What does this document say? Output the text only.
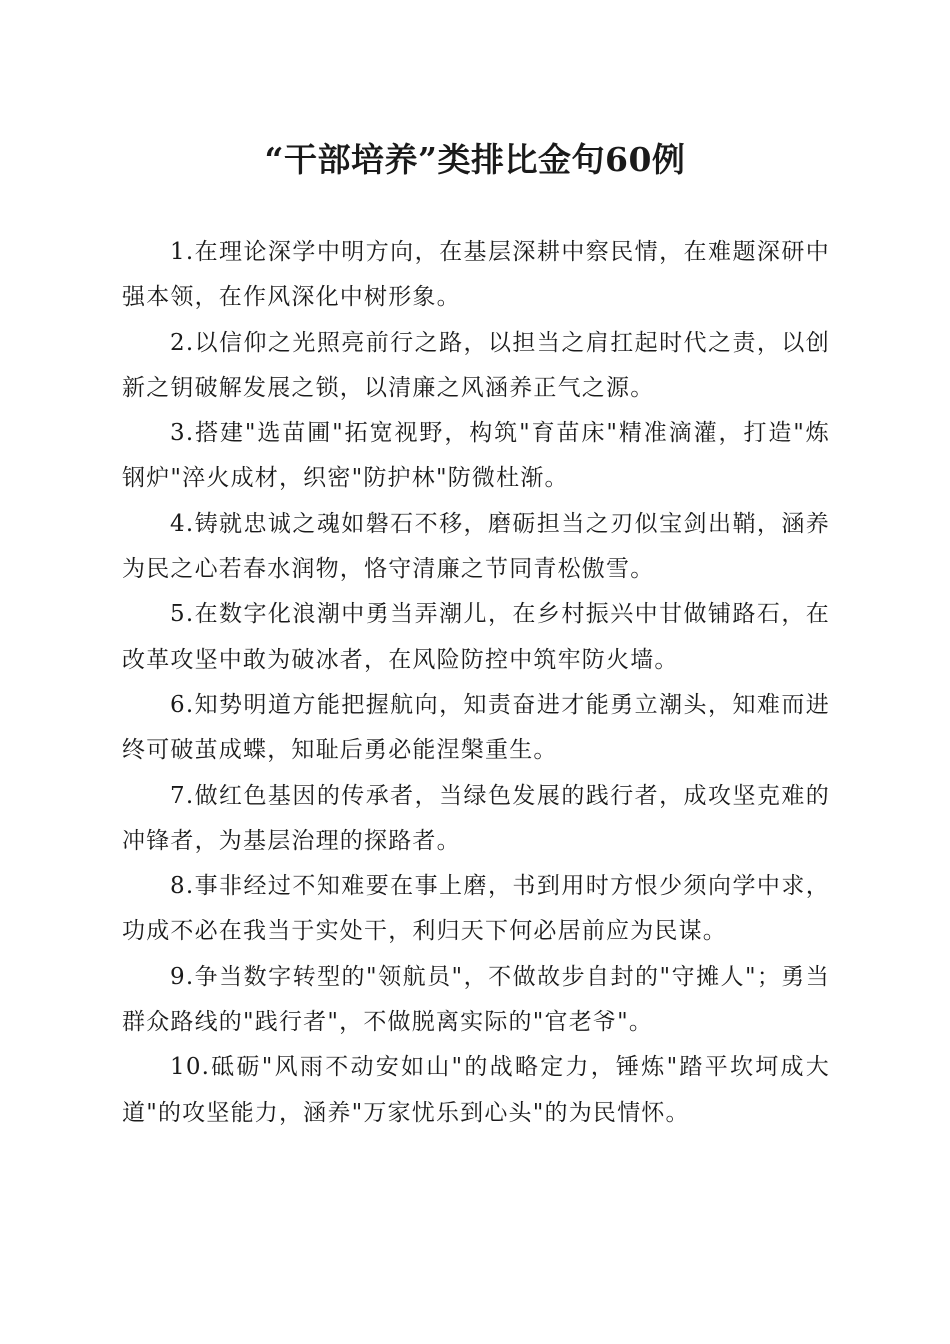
“干部培养”类排比金句60例

1.在理论深学中明方向，在基层深耕中察民情，在难题深研中强本领，在作风深化中树形象。

2.以信仰之光照亮前行之路，以担当之肩扛起时代之责，以创新之钥破解发展之锁，以清廉之风涵养正气之源。

3.搭建"选苗圃"拓宽视野，构筑"育苗床"精准滴灌，打造"炼钢炉"淬火成材，织密"防护林"防微杜渐。

4.铸就忠诚之魂如磐石不移，磨砺担当之刃似宝剑出鞘，涵养为民之心若春水润物，恪守清廉之节同青松傲雪。

5.在数字化浪潮中勇当弄潮儿，在乡村振兴中甘做铺路石，在改革攻坚中敢为破冰者，在风险防控中筑牢防火墙。

6.知势明道方能把握航向，知责奋进才能勇立潮头，知难而进终可破茧成蝶，知耻后勇必能涅槃重生。

7.做红色基因的传承者，当绿色发展的践行者，成攻坚克难的冲锋者，为基层治理的探路者。

8.事非经过不知难要在事上磨，书到用时方恨少须向学中求，功成不必在我当于实处干，利归天下何必居前应为民谋。

9.争当数字转型的"领航员"，不做故步自封的"守摊人"；勇当群众路线的"践行者"，不做脱离实际的"官老爷"。

10.砥砺"风雨不动安如山"的战略定力，锤炼"踏平坎坷成大道"的攻坚能力，涵养"万家忧乐到心头"的为民情怀。
